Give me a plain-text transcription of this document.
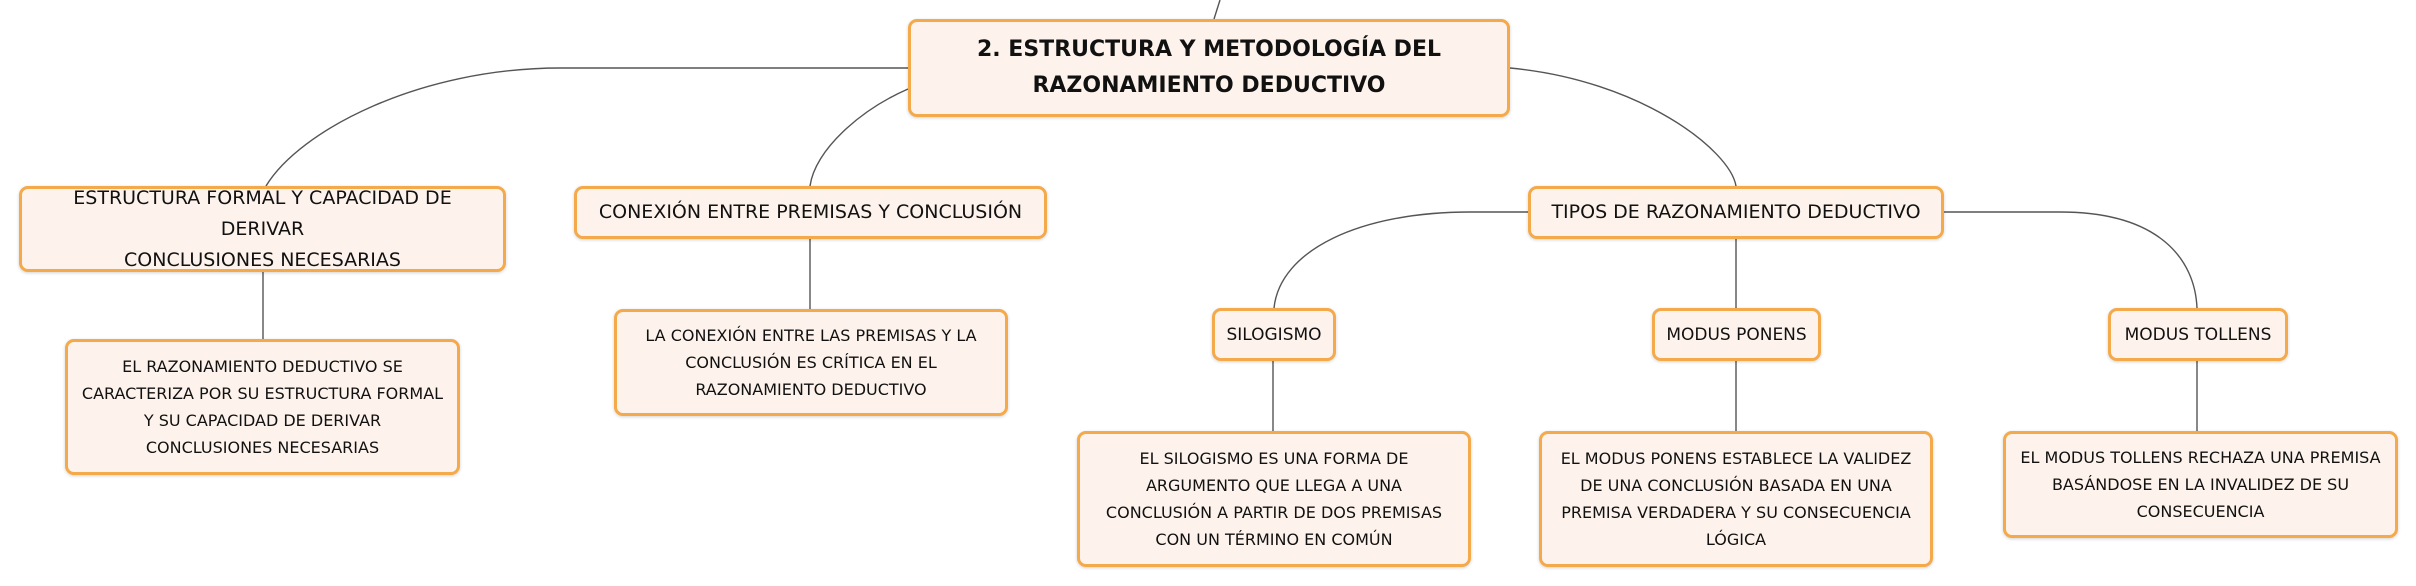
2. ESTRUCTURA Y METODOLOGÍA DEL
RAZONAMIENTO DEDUCTIVO
ESTRUCTURA FORMAL Y CAPACIDAD DE DERIVAR
CONCLUSIONES NECESARIAS
CONEXIÓN ENTRE PREMISAS Y CONCLUSIÓN	TIPOS DE RAZONAMIENTO DEDUCTIVO
EL RAZONAMIENTO DEDUCTIVO SE
CARACTERIZA POR SU ESTRUCTURA FORMAL
Y SU CAPACIDAD DE DERIVAR
CONCLUSIONES NECESARIAS
LA CONEXIÓN ENTRE LAS PREMISAS Y LA
CONCLUSIÓN ES CRÍTICA EN EL
RAZONAMIENTO DEDUCTIVO
SILOGISMO	MODUS PONENS	MODUS TOLLENS
EL SILOGISMO ES UNA FORMA DE
ARGUMENTO QUE LLEGA A UNA
CONCLUSIÓN A PARTIR DE DOS PREMISAS
CON UN TÉRMINO EN COMÚN
EL MODUS PONENS ESTABLECE LA VALIDEZ
DE UNA CONCLUSIÓN BASADA EN UNA
PREMISA VERDADERA Y SU CONSECUENCIA
LÓGICA
EL MODUS TOLLENS RECHAZA UNA PREMISA
BASÁNDOSE EN LA INVALIDEZ DE SU
CONSECUENCIA
